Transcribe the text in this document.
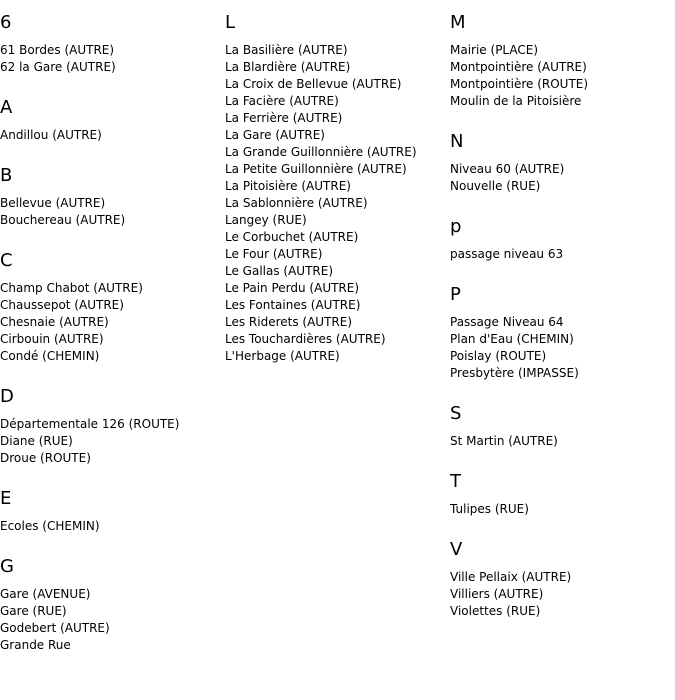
6
61 Bordes (AUTRE)
62 la Gare (AUTRE)
A
Andillou (AUTRE)
B
Bellevue (AUTRE)
Bouchereau (AUTRE)
C
Champ Chabot (AUTRE)
Chaussepot (AUTRE)
Chesnaie (AUTRE)
Cirbouin (AUTRE)
Condé (CHEMIN)
D
Départementale 126 (ROUTE)
Diane (RUE)
Droue (ROUTE)
E
Ecoles (CHEMIN)
G
Gare (AVENUE)
Gare (RUE)
Godebert (AUTRE)
Grande Rue
L
La Basilière (AUTRE)
La Blardière (AUTRE)
La Croix de Bellevue (AUTRE)
La Facière (AUTRE)
La Ferrière (AUTRE)
La Gare (AUTRE)
La Grande Guillonnière (AUTRE)
La Petite Guillonnière (AUTRE)
La Pitoisière (AUTRE)
La Sablonnière (AUTRE)
Langey (RUE)
Le Corbuchet (AUTRE)
Le Four (AUTRE)
Le Gallas (AUTRE)
Le Pain Perdu (AUTRE)
Les Fontaines (AUTRE)
Les Riderets (AUTRE)
Les Touchardières (AUTRE)
L'Herbage (AUTRE)
M
Mairie (PLACE)
Montpointière (AUTRE)
Montpointière (ROUTE)
Moulin de la Pitoisière
N
Niveau 60 (AUTRE)
Nouvelle (RUE)
p
passage niveau 63
P
Passage Niveau 64
Plan d'Eau (CHEMIN)
Poislay (ROUTE)
Presbytère (IMPASSE)
S
St Martin (AUTRE)
T
Tulipes (RUE)
V
Ville Pellaix (AUTRE)
Villiers (AUTRE)
Violettes (RUE)
